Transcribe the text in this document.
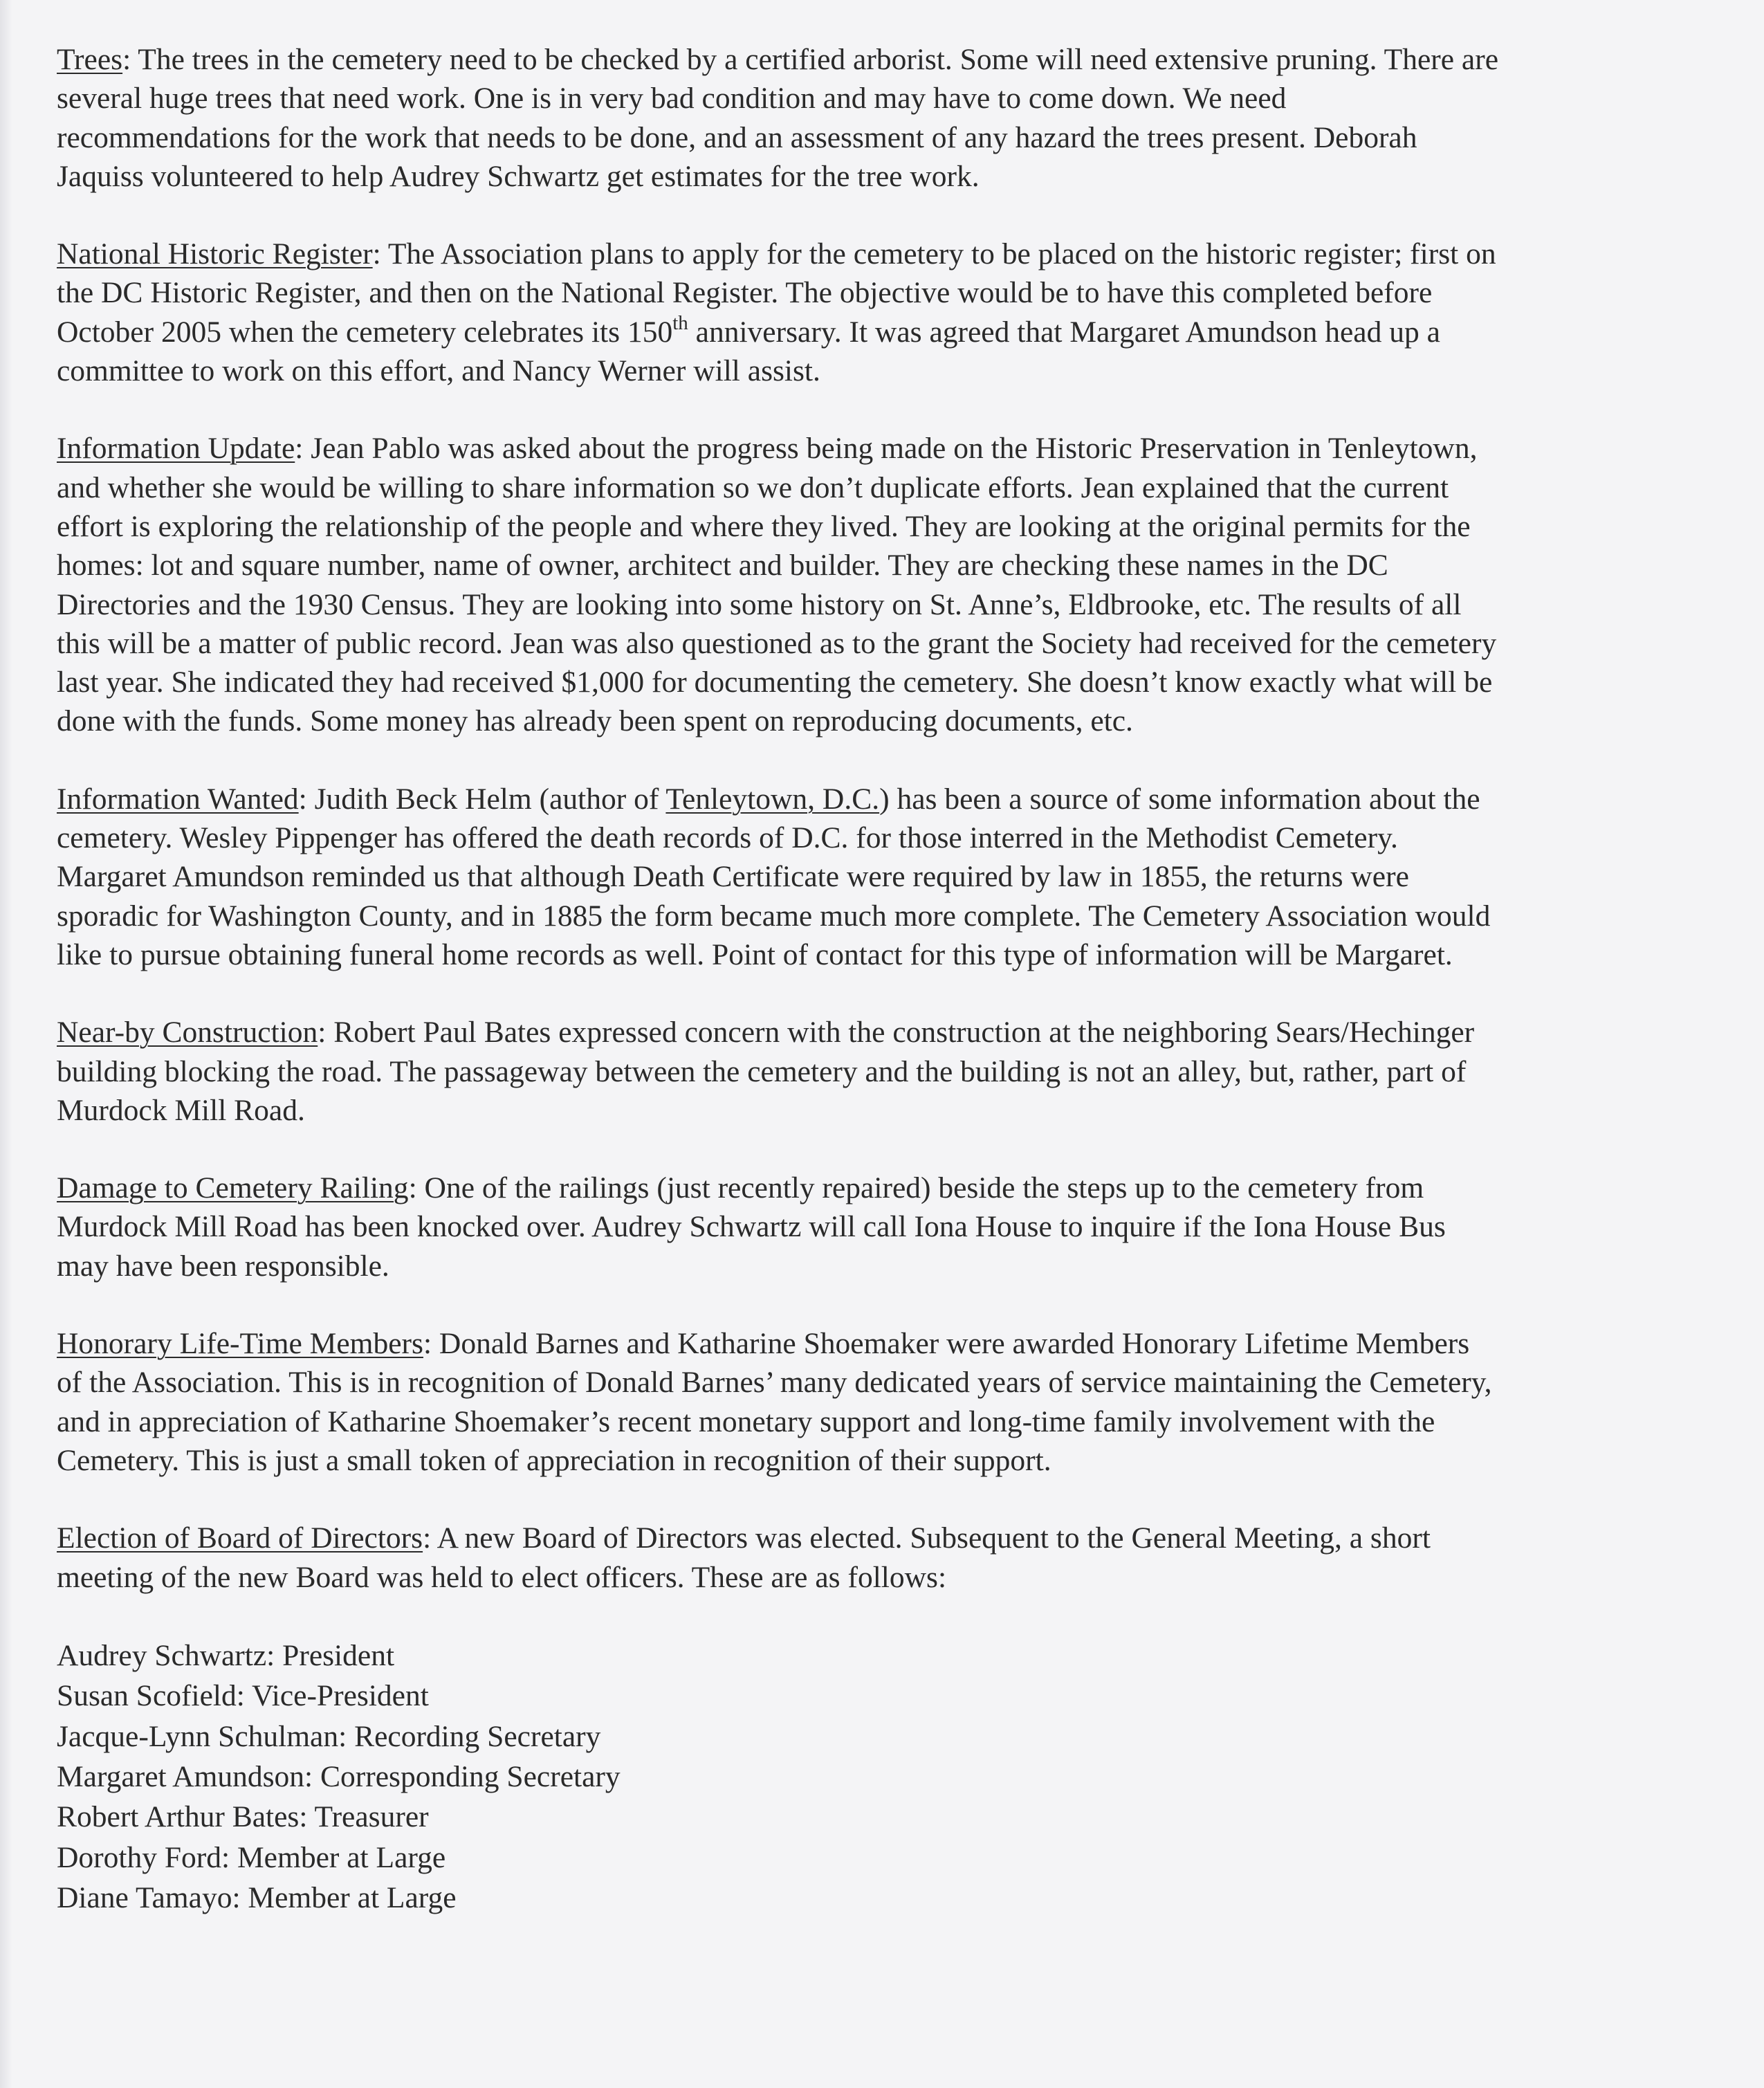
Trees: The trees in the cemetery need to be checked by a certified arborist. Some will need extensive pruning. There are
several huge trees that need work. One is in very bad condition and may have to come down. We need
recommendations for the work that needs to be done, and an assessment of any hazard the trees present. Deborah
Jaquiss volunteered to help Audrey Schwartz get estimates for the tree work.

National Historic Register: The Association plans to apply for the cemetery to be placed on the historic register; first on
the DC Historic Register, and then on the National Register. The objective would be to have this completed before
October 2005 when the cemetery celebrates its 150th anniversary. It was agreed that Margaret Amundson head up a
committee to work on this effort, and Nancy Werner will assist.

Information Update: Jean Pablo was asked about the progress being made on the Historic Preservation in Tenleytown,
and whether she would be willing to share information so we don’t duplicate efforts. Jean explained that the current
effort is exploring the relationship of the people and where they lived. They are looking at the original permits for the
homes: lot and square number, name of owner, architect and builder. They are checking these names in the DC
Directories and the 1930 Census. They are looking into some history on St. Anne’s, Eldbrooke, etc. The results of all
this will be a matter of public record. Jean was also questioned as to the grant the Society had received for the cemetery
last year. She indicated they had received $1,000 for documenting the cemetery. She doesn’t know exactly what will be
done with the funds. Some money has already been spent on reproducing documents, etc.

Information Wanted: Judith Beck Helm (author of Tenleytown, D.C.) has been a source of some information about the
cemetery. Wesley Pippenger has offered the death records of D.C. for those interred in the Methodist Cemetery.
Margaret Amundson reminded us that although Death Certificate were required by law in 1855, the returns were
sporadic for Washington County, and in 1885 the form became much more complete. The Cemetery Association would
like to pursue obtaining funeral home records as well. Point of contact for this type of information will be Margaret.

Near-by Construction: Robert Paul Bates expressed concern with the construction at the neighboring Sears/Hechinger
building blocking the road. The passageway between the cemetery and the building is not an alley, but, rather, part of
Murdock Mill Road.

Damage to Cemetery Railing: One of the railings (just recently repaired) beside the steps up to the cemetery from
Murdock Mill Road has been knocked over. Audrey Schwartz will call Iona House to inquire if the Iona House Bus
may have been responsible.

Honorary Life-Time Members: Donald Barnes and Katharine Shoemaker were awarded Honorary Lifetime Members
of the Association. This is in recognition of Donald Barnes’ many dedicated years of service maintaining the Cemetery,
and in appreciation of Katharine Shoemaker’s recent monetary support and long-time family involvement with the
Cemetery. This is just a small token of appreciation in recognition of their support.

Election of Board of Directors: A new Board of Directors was elected. Subsequent to the General Meeting, a short
meeting of the new Board was held to elect officers. These are as follows:

Audrey Schwartz: President
Susan Scofield: Vice-President
Jacque-Lynn Schulman: Recording Secretary
Margaret Amundson: Corresponding Secretary
Robert Arthur Bates: Treasurer
Dorothy Ford: Member at Large
Diane Tamayo: Member at Large
